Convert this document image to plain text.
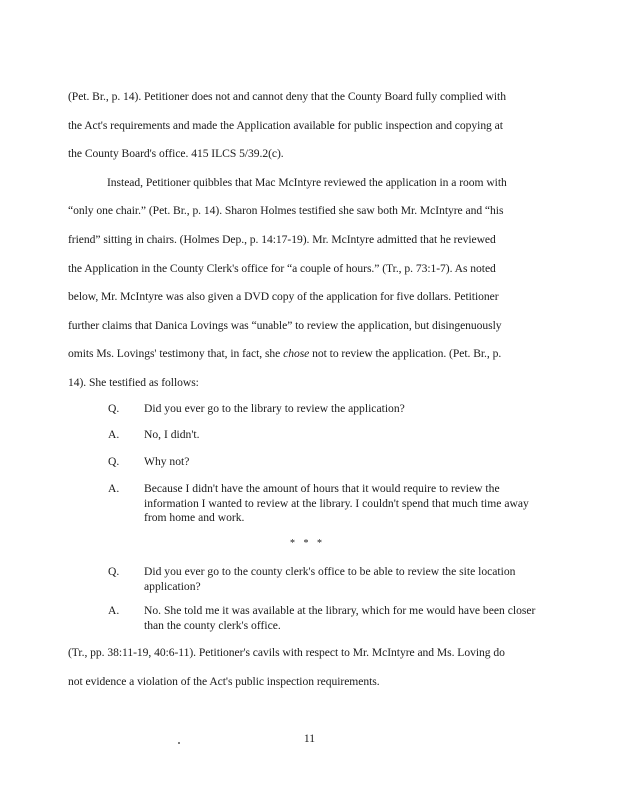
(Pet. Br., p. 14). Petitioner does not and cannot deny that the County Board fully complied with
the Act's requirements and made the Application available for public inspection and copying at
the County Board's office. 415 ILCS 5/39.2(c).
Instead, Petitioner quibbles that Mac McIntyre reviewed the application in a room with
“only one chair.” (Pet. Br., p. 14). Sharon Holmes testified she saw both Mr. McIntyre and “his
friend” sitting in chairs. (Holmes Dep., p. 14:17-19). Mr. McIntyre admitted that he reviewed
the Application in the County Clerk's office for “a couple of hours.” (Tr., p. 73:1-7). As noted
below, Mr. McIntyre was also given a DVD copy of the application for five dollars. Petitioner
further claims that Danica Lovings was “unable” to review the application, but disingenuously
omits Ms. Lovings' testimony that, in fact, she chose not to review the application. (Pet. Br., p.
14). She testified as follows:
Q.	Did you ever go to the library to review the application?
A.	No, I didn't.
Q.	Why not?
A.	Because I didn't have the amount of hours that it would require to review the information I wanted to review at the library. I couldn't spend that much time away from home and work.
* * *
Q.	Did you ever go to the county clerk's office to be able to review the site location application?
A.	No. She told me it was available at the library, which for me would have been closer than the county clerk's office.
(Tr., pp. 38:11-19, 40:6-11). Petitioner's cavils with respect to Mr. McIntyre and Ms. Loving do
not evidence a violation of the Act's public inspection requirements.
11
